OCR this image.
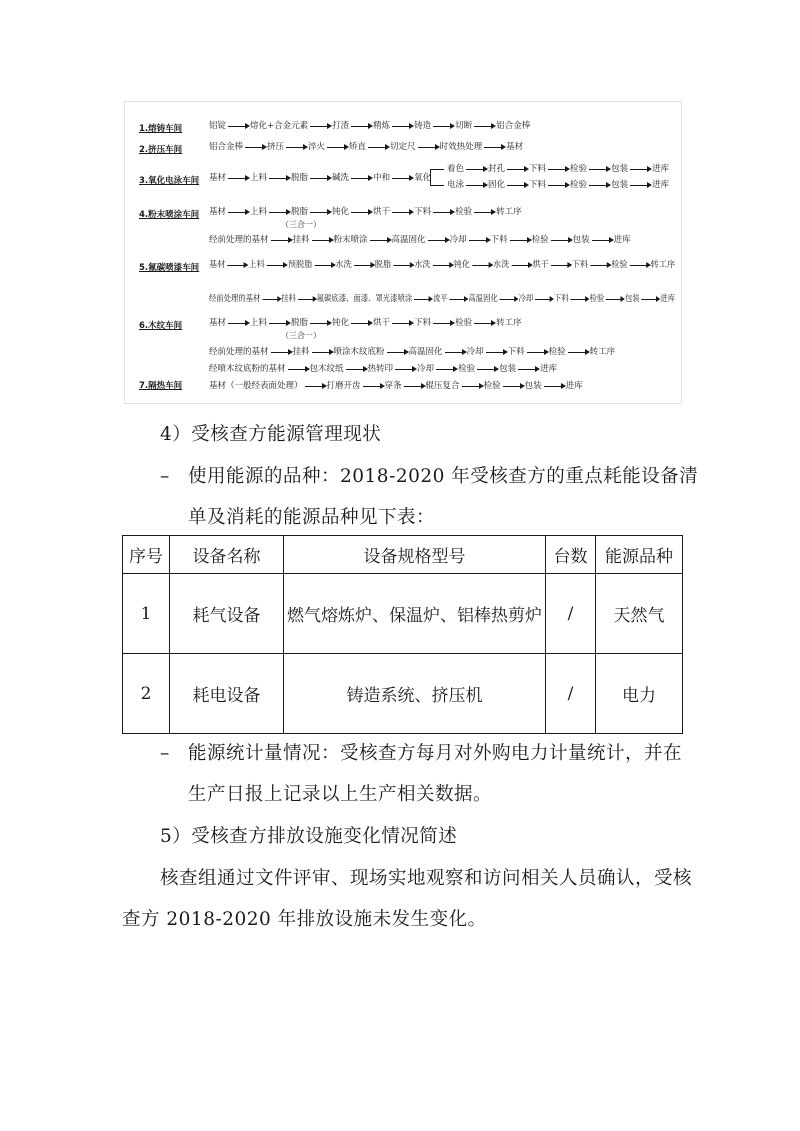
1.熔铸车间
2.挤压车间
3.氧化电泳车间
4.粉末喷涂车间
5.氟碳喷漆车间
6.木纹车间
7.隔热车间
铝锭	熔化+合金元素	打渣	精炼	铸造	切断	铝合金棒
铝合金棒	挤压	淬火	矫直	切定尺	时效热处理	基材
基材	上料	脱脂	碱洗	中和	氧化
着色	封孔	下料	检验	包装	进库
电泳	固化	下料	检验	包装	进库
基材	上料	脱脂	钝化	烘干	下料	检验	转工序
（三合一）
经前处理的基材	挂料	粉末喷涂	高温固化	冷却	下料	检验	包装	进库
基材	上料	预脱脂	水洗	脱脂	水洗	钝化	水洗	烘干	下料	检验	转工序
经前处理的基材 挂料 氟碳底漆、面漆、罩光漆喷涂 流平 高温固化 冷却 下料 检验 包装 进库
基材	上料	脱脂	钝化	烘干	下料	检验	转工序
（三合一）
经前处理的基材	挂料	喷涂木纹底粉	高温固化	冷却	下料	检验	转工序
经喷木纹底粉的基材	包木纹纸	热转印	冷却	检验	包装	进库
基材（一般经表面处理）	打磨开齿	穿条	辊压复合	检验	包装	进库
4）受核查方能源管理现状
– 使用能源的品种：2018-2020 年受核查方的重点耗能设备清
单及消耗的能源品种见下表：
序号	设备名称	设备规格型号	台数	能源品种
1	耗气设备	燃气熔炼炉、保温炉、铝棒热剪炉	/	天然气
2	耗电设备	铸造系统、挤压机	/	电力
– 能源统计量情况：受核查方每月对外购电力计量统计，并在
生产日报上记录以上生产相关数据。
5）受核查方排放设施变化情况简述
核查组通过文件评审、现场实地观察和访问相关人员确认，受核
查方 2018-2020 年排放设施未发生变化。
